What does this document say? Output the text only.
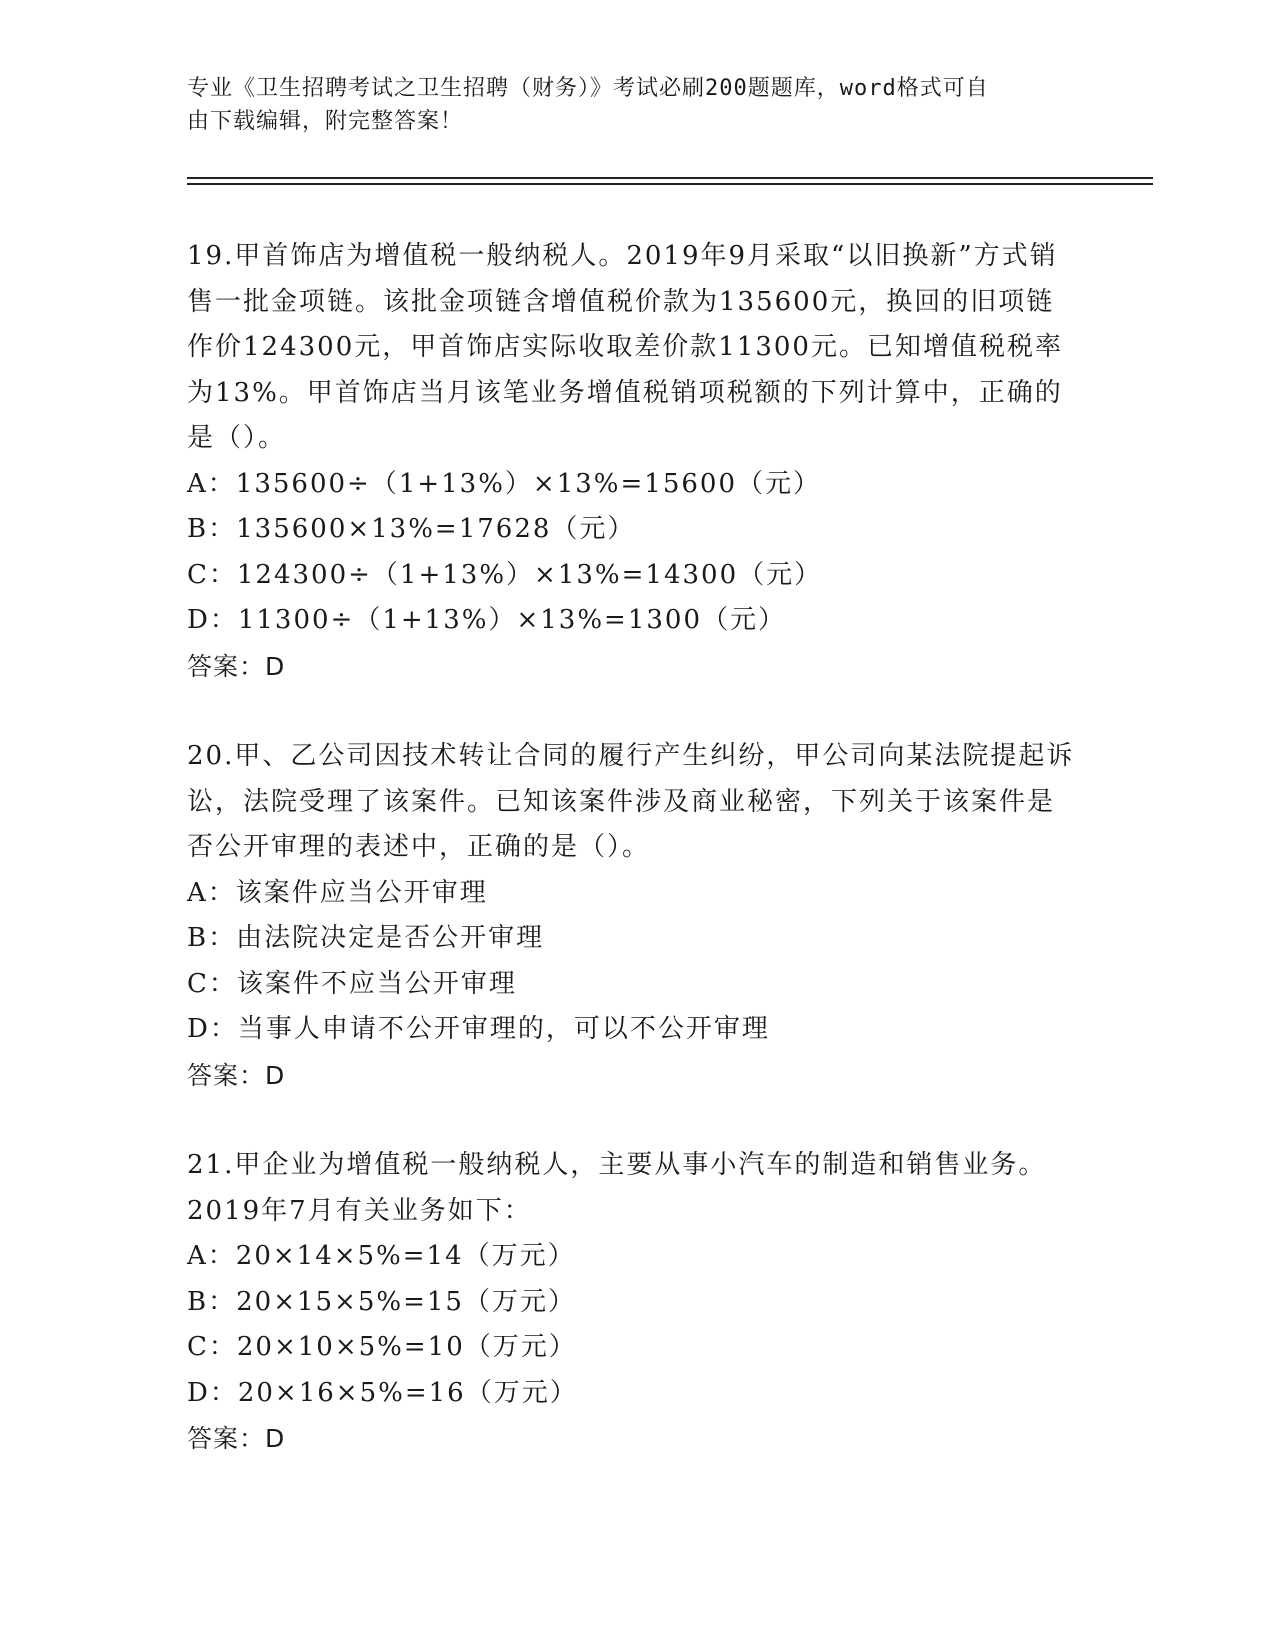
专业《卫生招聘考试之卫生招聘（财务）》考试必刷200题题库，word格式可自
由下载编辑，附完整答案！

19.甲首饰店为增值税一般纳税人。2019年9月采取“以旧换新”方式销售一批金项链。该批金项链含增值税价款为135600元，换回的旧项链作价124300元，甲首饰店实际收取差价款11300元。已知增值税税率为13%。甲首饰店当月该笔业务增值税销项税额的下列计算中，正确的是（）。

A：135600÷（1+13%）×13%=15600（元）

B：135600×13%=17628（元）

C：124300÷（1+13%）×13%=14300（元）

D：11300÷（1+13%）×13%=1300（元）

答案：D

20.甲、乙公司因技术转让合同的履行产生纠纷，甲公司向某法院提起诉讼，法院受理了该案件。已知该案件涉及商业秘密，下列关于该案件是否公开审理的表述中，正确的是（）。

A：该案件应当公开审理

B：由法院决定是否公开审理

C：该案件不应当公开审理

D：当事人申请不公开审理的，可以不公开审理

答案：D

21.甲企业为增值税一般纳税人，主要从事小汽车的制造和销售业务。2019年7月有关业务如下：

A：20×14×5%=14（万元）

B：20×15×5%=15（万元）

C：20×10×5%=10（万元）

D：20×16×5%=16（万元）

答案：D
